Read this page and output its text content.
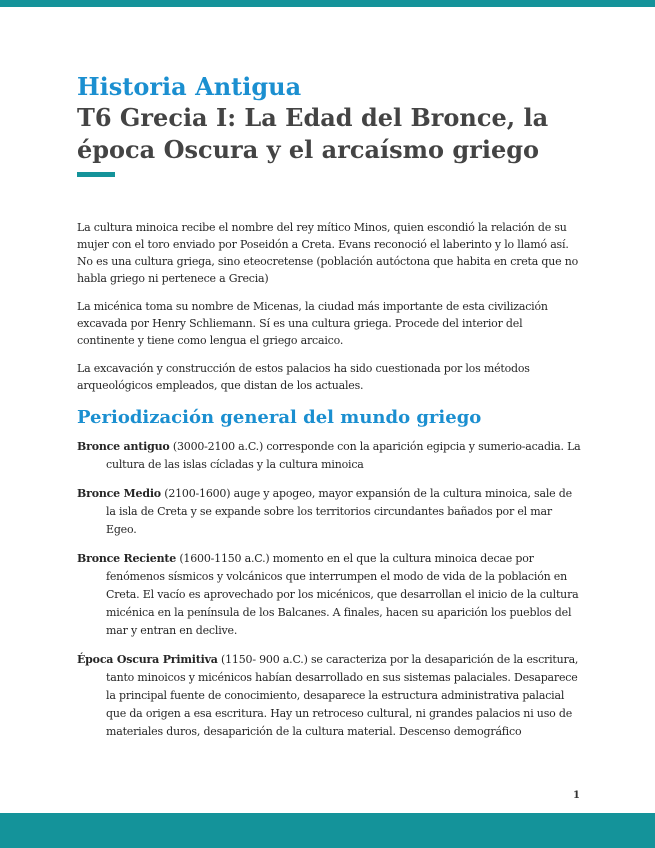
Historia Antigua
T6 Grecia I: La Edad del Bronce, la época Oscura y el arcaísmo griego

La cultura minoica recibe el nombre del rey mítico Minos, quien escondió la relación de su mujer con el toro enviado por Poseidón a Creta. Evans reconoció el laberinto y lo llamó así. No es una cultura griega, sino eteocretense (población autóctona que habita en creta que no habla griego ni pertenece a Grecia)

La micénica toma su nombre de Micenas, la ciudad más importante de esta civilización excavada por Henry Schliemann. Sí es una cultura griega. Procede del interior del continente y tiene como lengua el griego arcaico.

La excavación y construcción de estos palacios ha sido cuestionada por los métodos arqueológicos empleados, que distan de los actuales.

Periodización general del mundo griego

Bronce antiguo (3000-2100 a.C.) corresponde con la aparición egipcia y sumerio-acadia. La cultura de las islas cícladas y la cultura minoica

Bronce Medio (2100-1600) auge y apogeo, mayor expansión de la cultura minoica, sale de la isla de Creta y se expande sobre los territorios circundantes bañados por el mar Egeo.

Bronce Reciente (1600-1150 a.C.) momento en el que la cultura minoica decae por fenómenos sísmicos y volcánicos que interrumpen el modo de vida de la población en Creta. El vacío es aprovechado por los micénicos, que desarrollan el inicio de la cultura micénica en la península de los Balcanes. A finales, hacen su aparición los pueblos del mar y entran en declive.

Época Oscura Primitiva (1150- 900 a.C.) se caracteriza por la desaparición de la escritura, tanto minoicos y micénicos habían desarrollado en sus sistemas palaciales. Desaparece la principal fuente de conocimiento, desaparece la estructura administrativa palacial que da origen a esa escritura. Hay un retroceso cultural, ni grandes palacios ni uso de materiales duros, desaparición de la cultura material. Descenso demográfico

1
